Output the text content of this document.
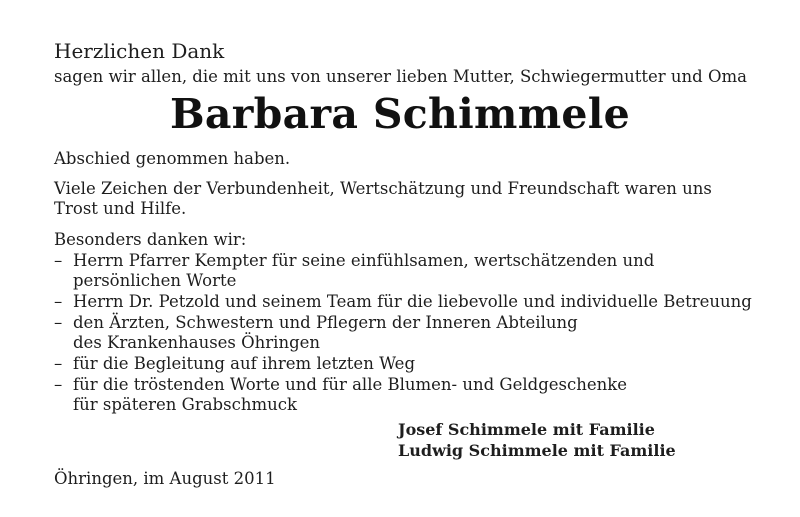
Herzlichen Dank
sagen wir allen, die mit uns von unserer lieben Mutter, Schwiegermutter und Oma
Barbara Schimmele
Abschied genommen haben.
Viele Zeichen der Verbundenheit, Wertschätzung und Freundschaft waren uns
Trost und Hilfe.
Besonders danken wir:
– Herrn Pfarrer Kempter für seine einfühlsamen, wertschätzenden und
persönlichen Worte
– Herrn Dr. Petzold und seinem Team für die liebevolle und individuelle Betreuung
– den Ärzten, Schwestern und Pflegern der Inneren Abteilung
des Krankenhauses Öhringen
– für die Begleitung auf ihrem letzten Weg
– für die tröstenden Worte und für alle Blumen- und Geldgeschenke
für späteren Grabschmuck
Josef Schimmele mit Familie
Ludwig Schimmele mit Familie
Öhringen, im August 2011
